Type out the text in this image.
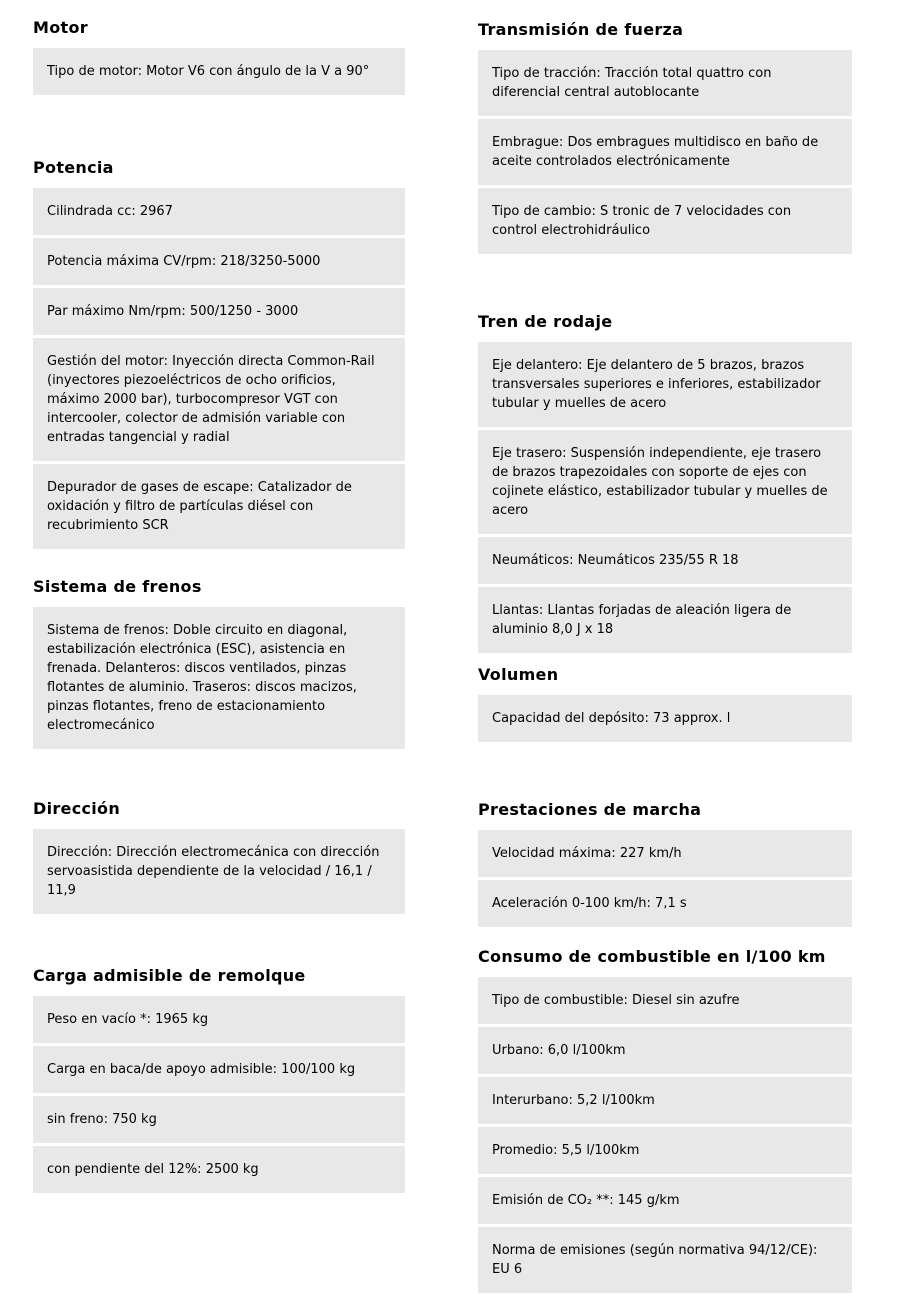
Motor
Tipo de motor: Motor V6 con ángulo de la V a 90°
Potencia
Cilindrada cc: 2967
Potencia máxima CV/rpm: 218/3250-5000
Par máximo Nm/rpm: 500/1250 - 3000
Gestión del motor: Inyección directa Common-Rail (inyectores piezoeléctricos de ocho orificios, máximo 2000 bar), turbocompresor VGT con intercooler, colector de admisión variable con entradas tangencial y radial
Depurador de gases de escape: Catalizador de oxidación y filtro de partículas diésel con recubrimiento SCR
Sistema de frenos
Sistema de frenos: Doble circuito en diagonal, estabilización electrónica (ESC), asistencia en frenada. Delanteros: discos ventilados, pinzas flotantes de aluminio. Traseros: discos macizos, pinzas flotantes, freno de estacionamiento electromecánico
Dirección
Dirección: Dirección electromecánica con dirección servoasistida dependiente de la velocidad / 16,1 / 11,9
Carga admisible de remolque
Peso en vacío *: 1965 kg
Carga en baca/de apoyo admisible: 100/100 kg
sin freno: 750 kg
con pendiente del 12%: 2500 kg
Transmisión de fuerza
Tipo de tracción: Tracción total quattro con diferencial central autoblocante
Embrague: Dos embragues multidisco en baño de aceite controlados electrónicamente
Tipo de cambio: S tronic de 7 velocidades con control electrohidráulico
Tren de rodaje
Eje delantero: Eje delantero de 5 brazos, brazos transversales superiores e inferiores, estabilizador tubular y muelles de acero
Eje trasero: Suspensión independiente, eje trasero de brazos trapezoidales con soporte de ejes con cojinete elástico, estabilizador tubular y muelles de acero
Neumáticos: Neumáticos 235/55 R 18
Llantas: Llantas forjadas de aleación ligera de aluminio 8,0 J x 18
Volumen
Capacidad del depósito: 73 approx. l
Prestaciones de marcha
Velocidad máxima: 227 km/h
Aceleración 0-100 km/h: 7,1 s
Consumo de combustible en l/100 km
Tipo de combustible: Diesel sin azufre
Urbano: 6,0 l/100km
Interurbano: 5,2 l/100km
Promedio: 5,5 l/100km
Emisión de CO₂ **: 145 g/km
Norma de emisiones (según normativa 94/12/CE): EU 6
